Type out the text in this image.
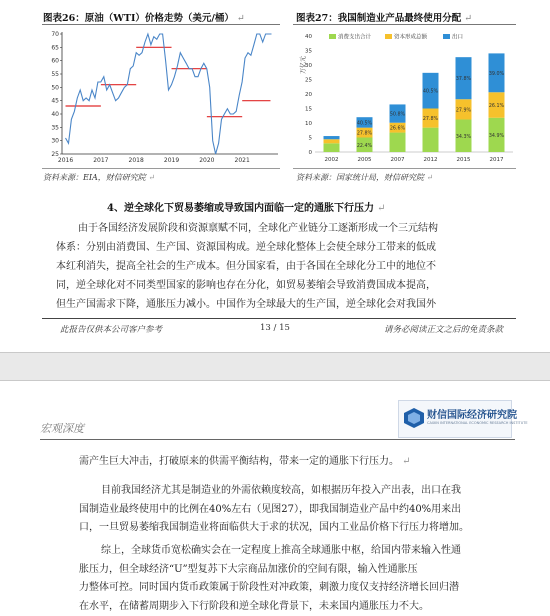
图表26：原油（WTI）价格走势（美元/桶） ↵	图表27：我国制造业产品最终使用分配 ↵
70
65
60
55
50
45
40
35
30
25
2016	2017	2018	2019	2020	2021
40
35
30
25
20
15
10
5
0
2002
22.4%
27.8%
40.5%
2005
26.6%
50.8%
2007
27.8%
40.5%
2012
34.3%
27.9%
37.8%
2015
34.9%
26.1%
39.0%
2017
消费支出合计	资本形成总额	出口
万亿元
资料来源：EIA，财信研究院 ↵	资料来源：国家统计局，财信研究院 ↵
4、逆全球化下贸易萎缩或导致国内面临一定的通胀下行压力 ↵
由于各国经济发展阶段和资源禀赋不同，全球化产业链分工逐渐形成一个三元结构
体系：分别由消费国、生产国、资源国构成。逆全球化整体上会使全球分工带来的低成
本红利消失，提高全社会的生产成本。但分国家看，由于各国在全球化分工中的地位不
同，逆全球化对不同类型国家的影响也存在分化，如贸易萎缩会导致消费国成本提高，
但生产国需求下降，通胀压力减小。中国作为全球最大的生产国，逆全球化会对我国外
此报告仅供本公司客户参考	13 / 15	请务必阅读正文之后的免责条款
宏观深度
财信国际经济研究院
CAIXIN INTERNATIONAL ECONOMIC RESEARCH INSTITUTE
需产生巨大冲击，打破原来的供需平衡结构，带来一定的通胀下行压力。 ↵
目前我国经济尤其是制造业的外需依赖度较高，如根据历年投入产出表，出口在我
国制造业最终使用中的比例在40%左右（见图27），即我国制造业产品中约40%用来出
口，一旦贸易萎缩我国制造业将面临供大于求的状况，国内工业品价格下行压力将增加。
综上，全球货币宽松确实会在一定程度上推高全球通胀中枢，给国内带来输入性通
胀压力，但全球经济“U”型复苏下大宗商品加涨价的空间有限，输入性通胀压
力整体可控。同时国内货币政策属于阶段性对冲政策，刺激力度仅支持经济增长回归潜
在水平，在储蓄周期步入下行阶段和逆全球化背景下，未来国内通胀压力不大。
